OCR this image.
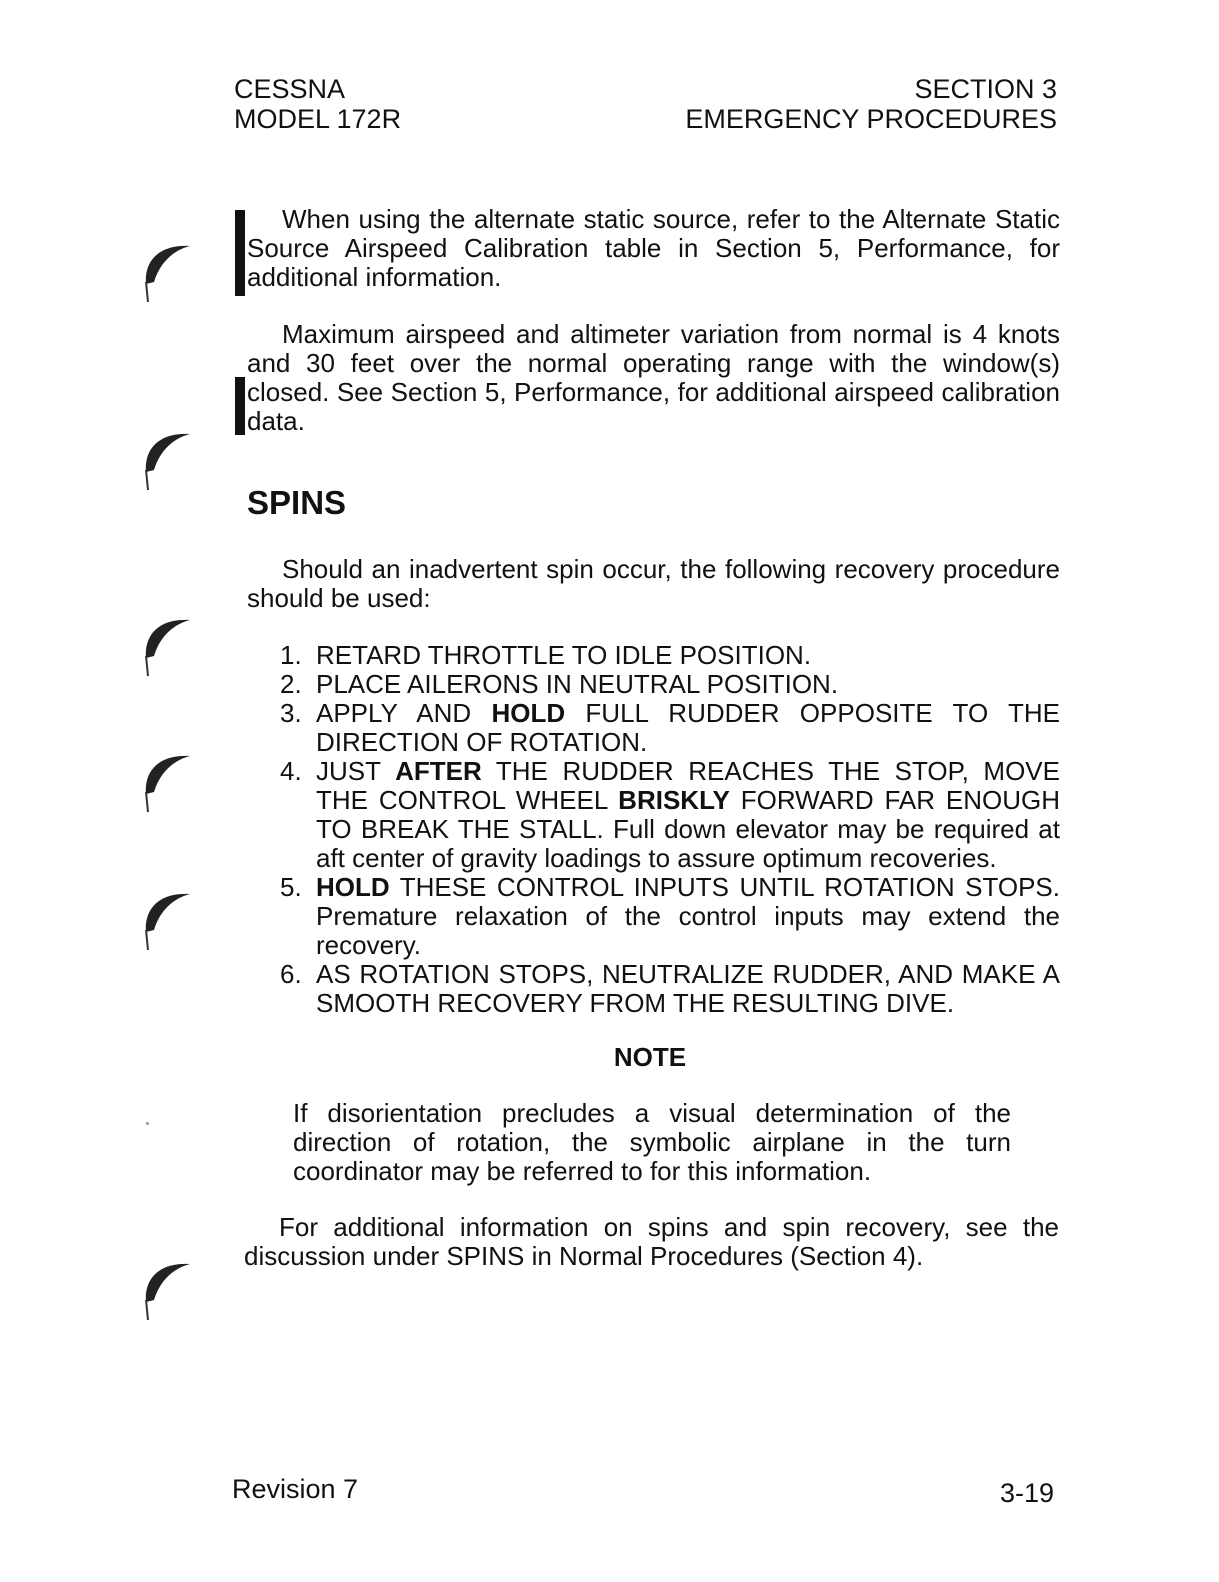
CESSNA
MODEL 172R
SECTION 3
EMERGENCY PROCEDURES

When using the alternate static source, refer to the Alternate Static Source Airspeed Calibration table in Section 5, Performance, for additional information.

Maximum airspeed and altimeter variation from normal is 4 knots and 30 feet over the normal operating range with the window(s) closed. See Section 5, Performance, for additional airspeed calibration data.

SPINS

Should an inadvertent spin occur, the following recovery procedure should be used:

1. RETARD THROTTLE TO IDLE POSITION.
2. PLACE AILERONS IN NEUTRAL POSITION.
3. APPLY AND HOLD FULL RUDDER OPPOSITE TO THE DIRECTION OF ROTATION.
4. JUST AFTER THE RUDDER REACHES THE STOP, MOVE THE CONTROL WHEEL BRISKLY FORWARD FAR ENOUGH TO BREAK THE STALL. Full down elevator may be required at aft center of gravity loadings to assure optimum recoveries.
5. HOLD THESE CONTROL INPUTS UNTIL ROTATION STOPS. Premature relaxation of the control inputs may extend the recovery.
6. AS ROTATION STOPS, NEUTRALIZE RUDDER, AND MAKE A SMOOTH RECOVERY FROM THE RESULTING DIVE.
NOTE

If disorientation precludes a visual determination of the direction of rotation, the symbolic airplane in the turn coordinator may be referred to for this information.

For additional information on spins and spin recovery, see the discussion under SPINS in Normal Procedures (Section 4).

Revision 7	3-19
